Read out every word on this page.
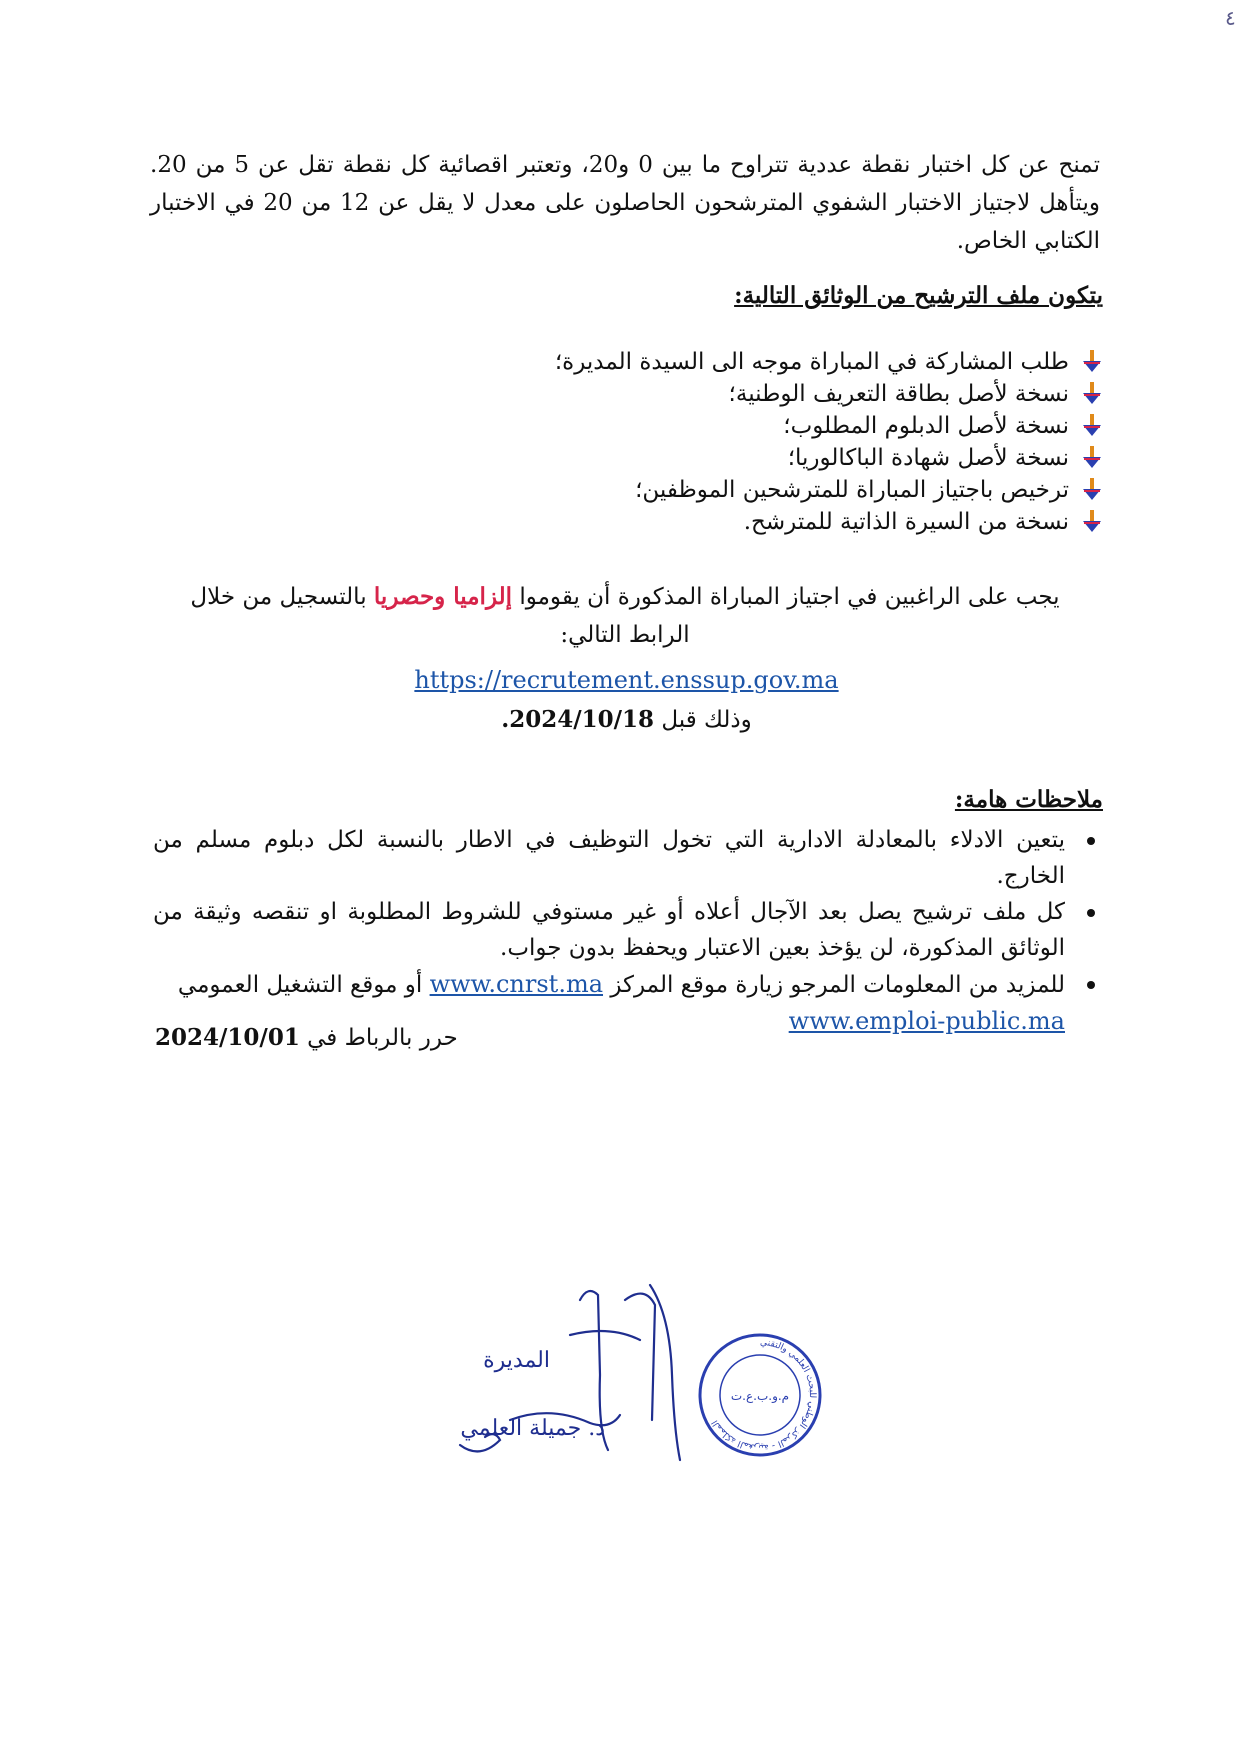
٤

تمنح عن كل اختبار نقطة عددية تتراوح ما بين 0 و20، وتعتبر اقصائية كل نقطة تقل عن 5 من 20. ويتأهل لاجتياز الاختبار الشفوي المترشحون الحاصلون على معدل لا يقل عن 12 من 20 في الاختبار الكتابي الخاص.

يتكون ملف الترشيح من الوثائق التالية:
طلب المشاركة في المباراة موجه الى السيدة المديرة؛
نسخة لأصل بطاقة التعريف الوطنية؛
نسخة لأصل الدبلوم المطلوب؛
نسخة لأصل شهادة الباكالوريا؛
ترخيص باجتياز المباراة للمترشحين الموظفين؛
نسخة من السيرة الذاتية للمترشح.

يجب على الراغبين في اجتياز المباراة المذكورة أن يقوموا إلزاميا وحصريا بالتسجيل من خلال الرابط التالي:

https://recrutement.enssup.gov.ma
وذلك قبل 2024/10/18.
ملاحظات هامة:
يتعين الادلاء بالمعادلة الادارية التي تخول التوظيف في الاطار بالنسبة لكل دبلوم مسلم من الخارج.
كل ملف ترشيح يصل بعد الآجال أعلاه أو غير مستوفي للشروط المطلوبة او تنقصه وثيقة من الوثائق المذكورة، لن يؤخذ بعين الاعتبار ويحفظ بدون جواب.
للمزيد من المعلومات المرجو زيارة موقع المركز www.cnrst.ma أو موقع التشغيل العمومي
www.emploi-public.ma
حرر بالرباط في 2024/10/01
المديرة
د. جميلة العلمي
المملكة المغربية - المركز الوطني للبحث العلمي والتقني
م.و.ب.ع.ت
